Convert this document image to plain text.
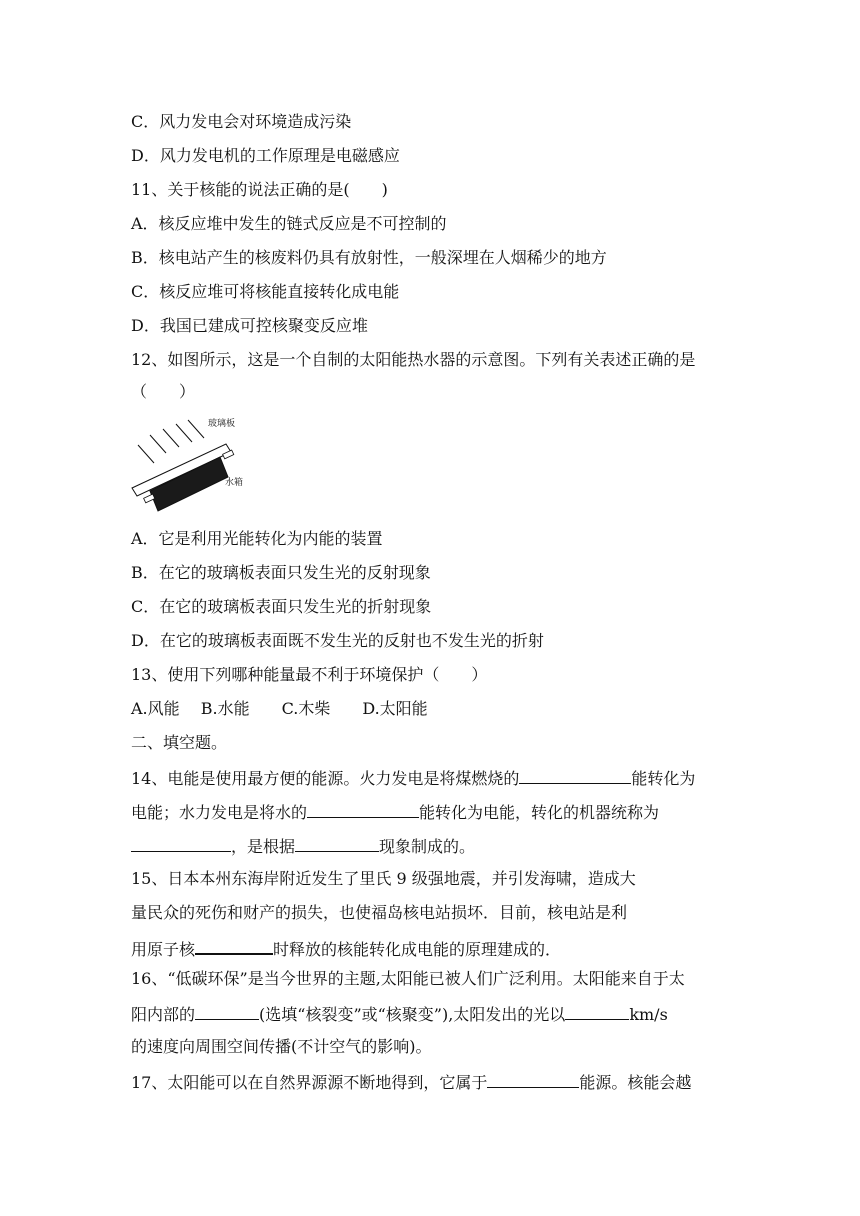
C．风力发电会对环境造成污染
D．风力发电机的工作原理是电磁感应
11、关于核能的说法正确的是(　　)
A．核反应堆中发生的链式反应是不可控制的
B．核电站产生的核废料仍具有放射性，一般深埋在人烟稀少的地方
C．核反应堆可将核能直接转化成电能
D．我国已建成可控核聚变反应堆
12、如图所示，这是一个自制的太阳能热水器的示意图。下列有关表述正确的是
（　　）
玻璃板
水箱
A．它是利用光能转化为内能的装置
B．在它的玻璃板表面只发生光的反射现象
C．在它的玻璃板表面只发生光的折射现象
D．在它的玻璃板表面既不发生光的反射也不发生光的折射
13、使用下列哪种能量最不利于环境保护（　　）
A.风能　 B.水能　　C.木柴　　D.太阳能
二、填空题。
14、电能是使用最方便的能源。火力发电是将煤燃烧的	能转化为
电能；水力发电是将水的	能转化为电能，转化的机器统称为
，是根据	现象制成的。
15、日本本州东海岸附近发生了里氏 9 级强地震，并引发海啸，造成大
量民众的死伤和财产的损失，也使福岛核电站损坏．目前，核电站是利
用原子核	时释放的核能转化成电能的原理建成的．
16、“低碳环保”是当今世界的主题,太阳能已被人们广泛利用。太阳能来自于太
阳内部的	(选填“核裂变”或“核聚变”),太阳发出的光以	km/s
的速度向周围空间传播(不计空气的影响)。
17、太阳能可以在自然界源源不断地得到，它属于	能源。核能会越
